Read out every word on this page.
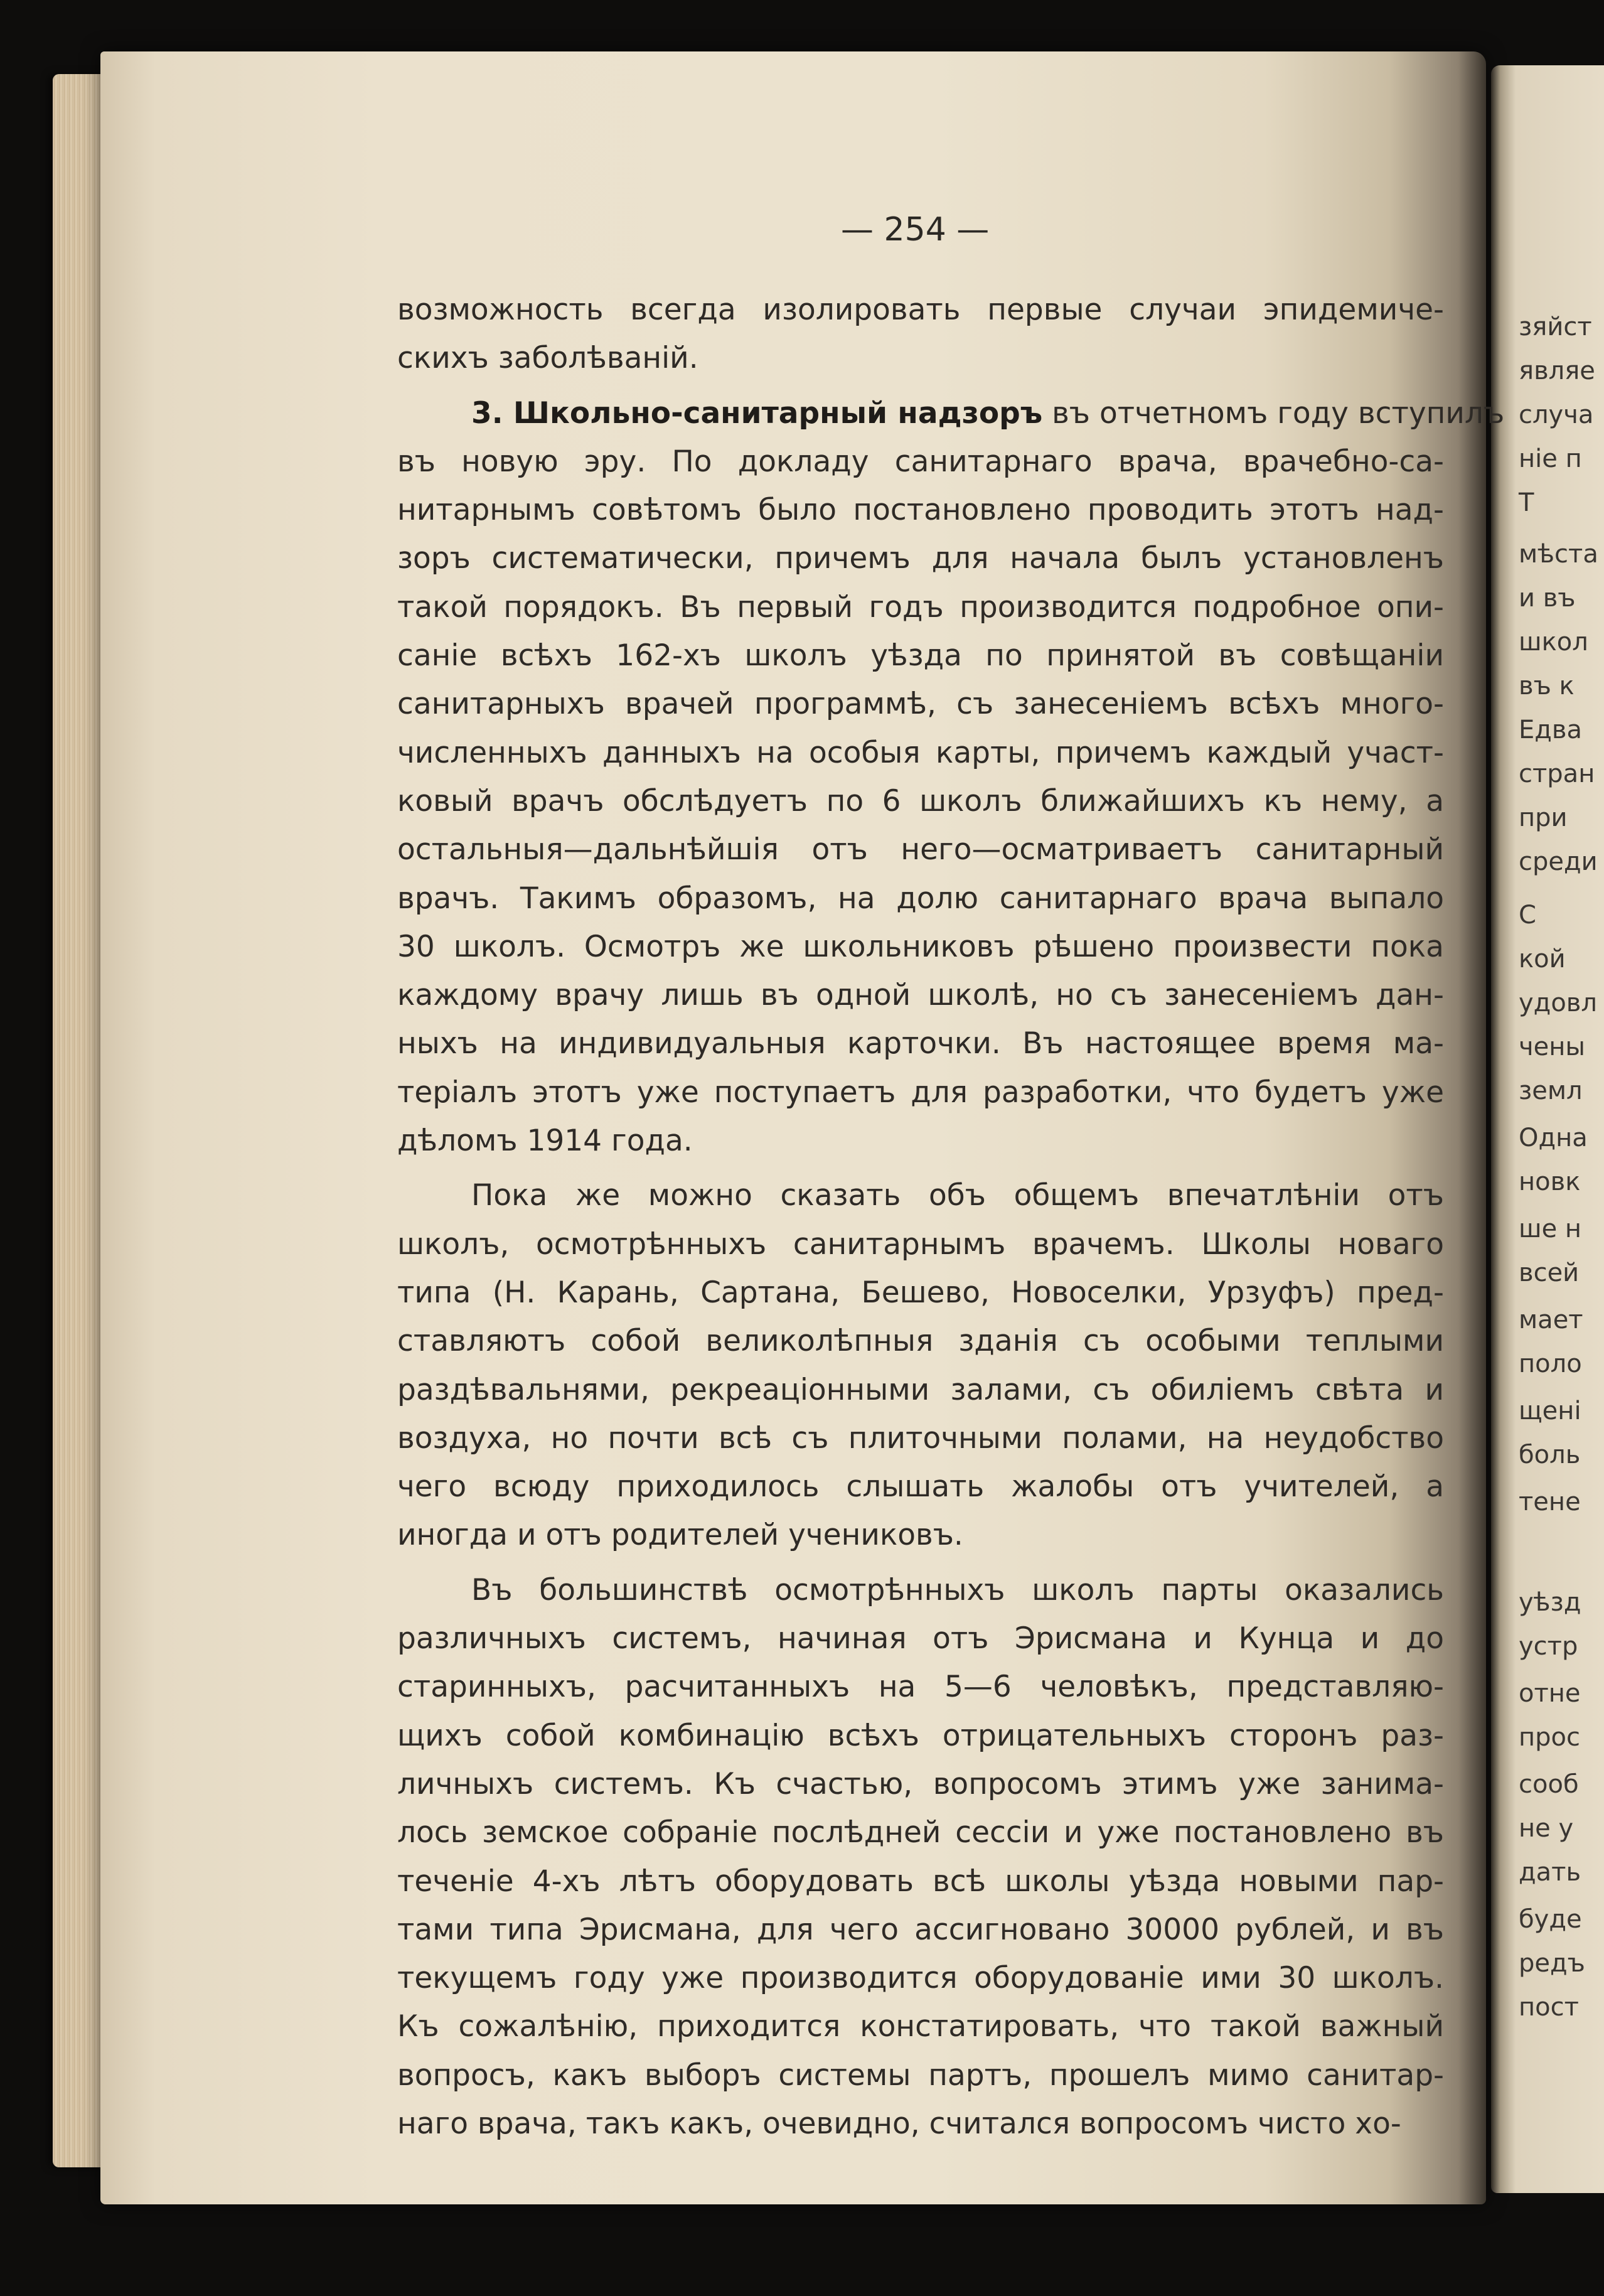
зяйст
являе
случа
ніе п
Т
мѣста
и въ
школ
въ к
Едва
стран
при
среди
С
кой
удовл
чены
земл
Одна
новк
ше н
всей
мает
поло
щені
боль
тене
уѣзд
устр
отне
прос
сооб
не у
дать
буде
редъ
пост
— 254 —
возможность всегда изолировать первые случаи эпидемиче-
скихъ заболѣваній.
3. Школьно-санитарный надзоръ въ отчетномъ году вступилъ
въ новую эру. По докладу санитарнаго врача, врачебно-са-
нитарнымъ совѣтомъ было постановлено проводить этотъ над-
зоръ систематически, причемъ для начала былъ установленъ
такой порядокъ. Въ первый годъ производится подробное опи-
саніе всѣхъ 162-хъ школъ уѣзда по принятой въ совѣщаніи
санитарныхъ врачей программѣ, съ занесеніемъ всѣхъ много-
численныхъ данныхъ на особыя карты, причемъ каждый участ-
ковый врачъ обслѣдуетъ по 6 школъ ближайшихъ къ нему, а
остальныя—дальнѣйшія отъ него—осматриваетъ санитарный
врачъ. Такимъ образомъ, на долю санитарнаго врача выпало
30 школъ. Осмотръ же школьниковъ рѣшено произвести пока
каждому врачу лишь въ одной школѣ, но съ занесеніемъ дан-
ныхъ на индивидуальныя карточки. Въ настоящее время ма-
теріалъ этотъ уже поступаетъ для разработки, что будетъ уже
дѣломъ 1914 года.
Пока же можно сказать объ общемъ впечатлѣніи отъ
школъ, осмотрѣнныхъ санитарнымъ врачемъ. Школы новаго
типа (Н. Карань, Сартана, Бешево, Новоселки, Урзуфъ) пред-
ставляютъ собой великолѣпныя зданія съ особыми теплыми
раздѣвальнями, рекреаціонными залами, съ обиліемъ свѣта и
воздуха, но почти всѣ съ плиточными полами, на неудобство
чего всюду приходилось слышать жалобы отъ учителей, а
иногда и отъ родителей учениковъ.
Въ большинствѣ осмотрѣнныхъ школъ парты оказались
различныхъ системъ, начиная отъ Эрисмана и Кунца и до
старинныхъ, расчитанныхъ на 5—6 человѣкъ, представляю-
щихъ собой комбинацію всѣхъ отрицательныхъ сторонъ раз-
личныхъ системъ. Къ счастью, вопросомъ этимъ уже занима-
лось земское собраніе послѣдней сессіи и уже постановлено въ
теченіе 4-хъ лѣтъ оборудовать всѣ школы уѣзда новыми пар-
тами типа Эрисмана, для чего ассигновано 30000 рублей, и въ
текущемъ году уже производится оборудованіе ими 30 школъ.
Къ сожалѣнію, приходится констатировать, что такой важный
вопросъ, какъ выборъ системы партъ, прошелъ мимо санитар-
наго врача, такъ какъ, очевидно, считался вопросомъ чисто хо-
